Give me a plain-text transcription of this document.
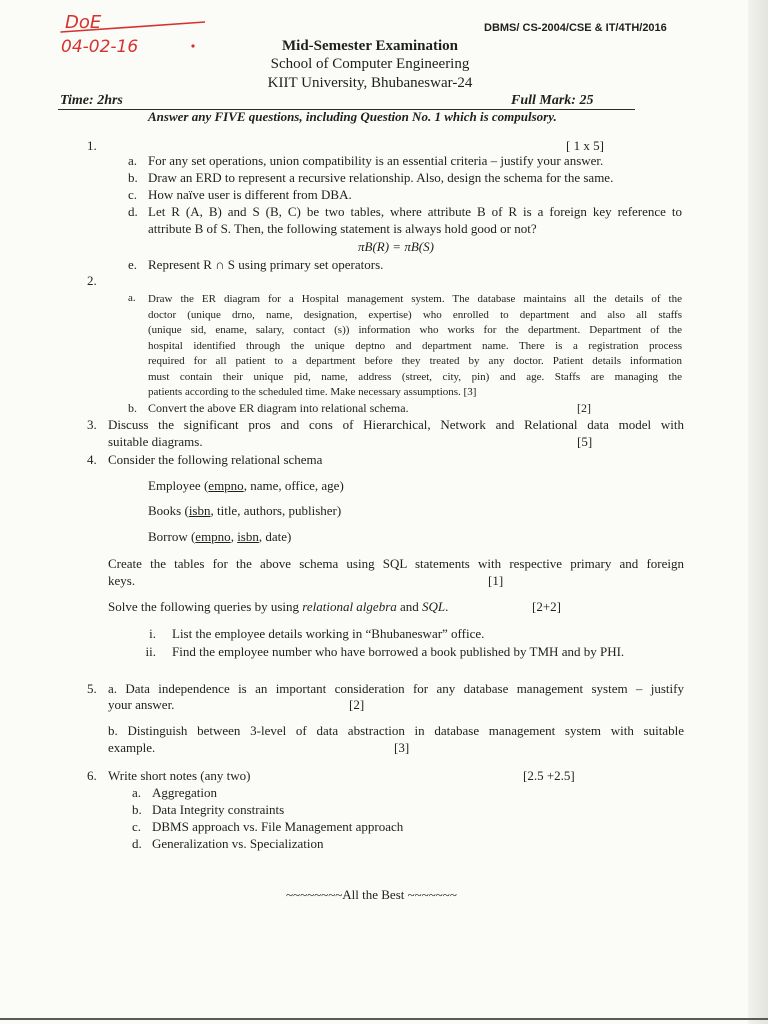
DoE
04-02-16
DBMS/ CS-2004/CSE & IT/4TH/2016
Mid-Semester Examination
School of Computer Engineering
KIIT University, Bhubaneswar-24
Time: 2hrs	Full Mark: 25
Answer any FIVE questions, including Question No. 1 which is compulsory.
1.	[ 1 x 5]
a. For any set operations, union compatibility is an essential criteria – justify your answer.
b. Draw an ERD to represent a recursive relationship. Also, design the schema for the same.
c. How naïve user is different from DBA.
d. Let R (A, B) and S (B, C) be two tables, where attribute B of R is a foreign key reference to
attribute B of S. Then, the following statement is always hold good or not?
πB(R) = πB(S)
e. Represent R ∩ S using primary set operators.
2.
a. Draw the ER diagram for a Hospital management system. The database maintains all the details of the
doctor (unique drno, name, designation, expertise) who enrolled to department and also all staffs
(unique sid, ename, salary, contact (s)) information who works for the department. Department of the
hospital identified through the unique deptno and department name. There is a registration process
required for all patient to a department before they treated by any doctor. Patient details information
must contain their unique pid, name, address (street, city, pin) and age. Staffs are managing the
patients according to the scheduled time. Make necessary assumptions. [3]
b. Convert the above ER diagram into relational schema.	[2]
3. Discuss the significant pros and cons of Hierarchical, Network and Relational data model with
suitable diagrams.	[5]
4. Consider the following relational schema
Employee (empno, name, office, age)
Books (isbn, title, authors, publisher)
Borrow (empno, isbn, date)
Create the tables for the above schema using SQL statements with respective primary and foreign
keys.	[1]
Solve the following queries by using relational algebra and SQL.	[2+2]
i. List the employee details working in “Bhubaneswar” office.
ii. Find the employee number who have borrowed a book published by TMH and by PHI.
5. a. Data independence is an important consideration for any database management system – justify
your answer.	[2]
b. Distinguish between 3-level of data abstraction in database management system with suitable
example.	[3]
6. Write short notes (any two)	[2.5 +2.5]
a. Aggregation
b. Data Integrity constraints
c. DBMS approach vs. File Management approach
d. Generalization vs. Specialization
~~~~~~~~All the Best ~~~~~~~
